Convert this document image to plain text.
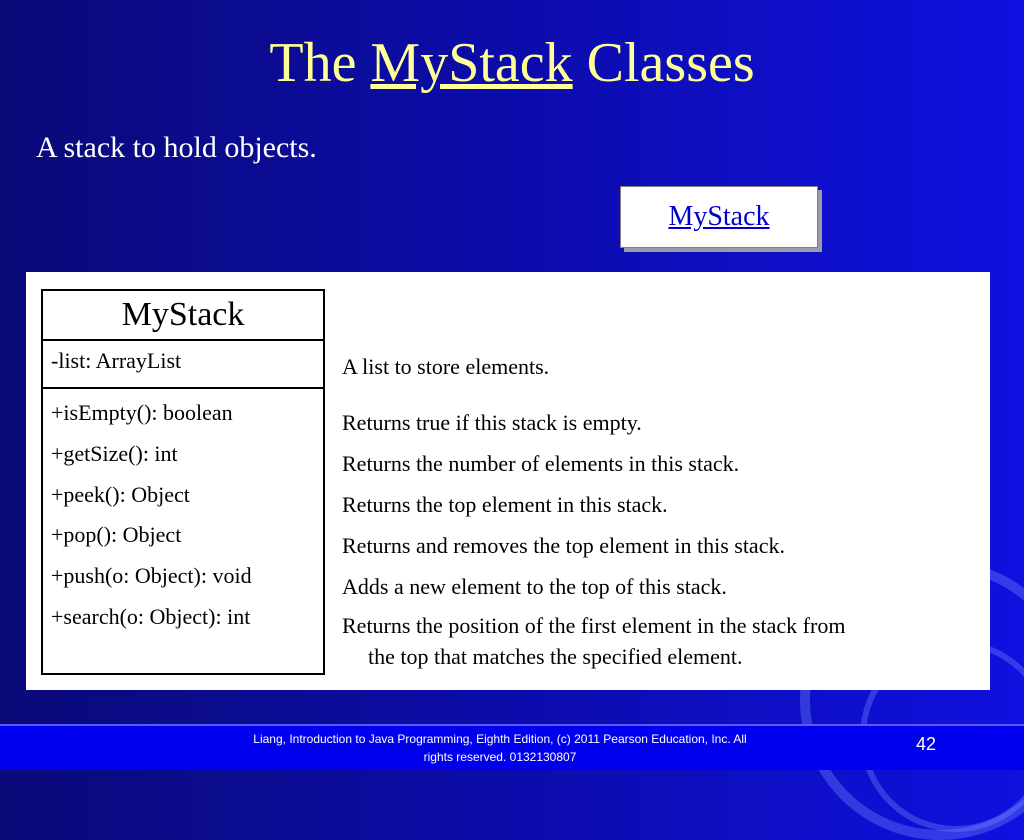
The MyStack Classes
A stack to hold objects.
MyStack
MyStack
-list: ArrayList
+isEmpty(): boolean
+getSize(): int
+peek(): Object
+pop(): Object
+push(o: Object): void
+search(o: Object): int
A list to store elements.
Returns true if this stack is empty.
Returns the number of elements in this stack.
Returns the top element in this stack.
Returns and removes the top element in this stack.
Adds a new element to the top of this stack.
Returns the position of the first element in the stack from
the top that matches the specified element.
Liang, Introduction to Java Programming, Eighth Edition, (c) 2011 Pearson Education, Inc. All
rights reserved. 0132130807
42
